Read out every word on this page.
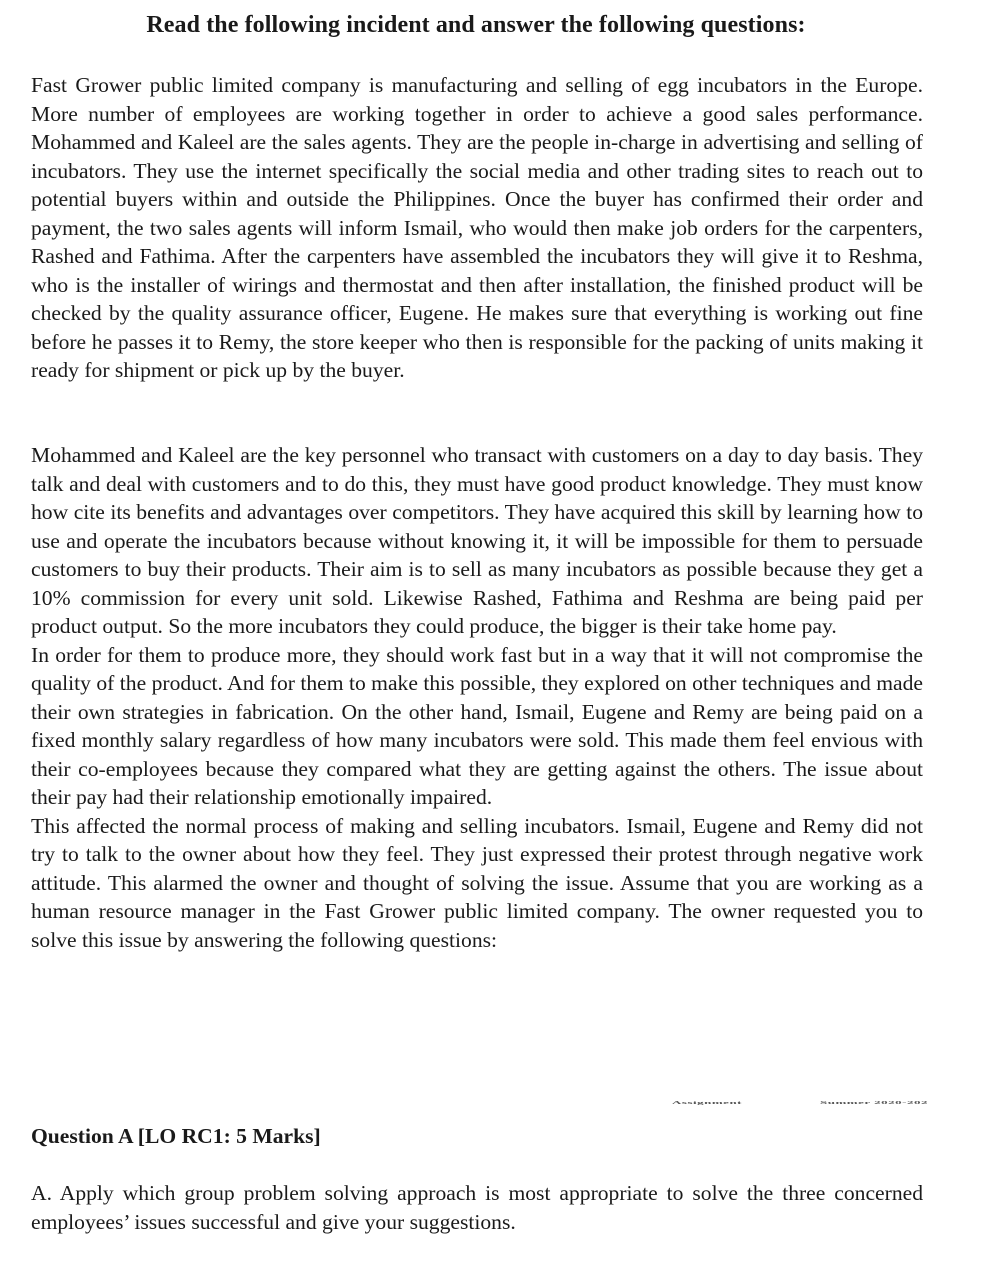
Read the following incident and answer the following questions:

Fast Grower public limited company is manufacturing and selling of egg incubators in the Europe. More number of employees are working together in order to achieve a good sales performance. Mohammed and Kaleel are the sales agents. They are the people in-charge in advertising and selling of incubators. They use the internet specifically the social media and other trading sites to reach out to potential buyers within and outside the Philippines. Once the buyer has confirmed their order and payment, the two sales agents will inform Ismail, who would then make job orders for the carpenters, Rashed and Fathima. After the carpenters have assembled the incubators they will give it to Reshma, who is the installer of wirings and thermostat and then after installation, the finished product will be checked by the quality assurance officer, Eugene. He makes sure that everything is working out fine before he passes it to Remy, the store keeper who then is responsible for the packing of units making it ready for shipment or pick up by the buyer.

Mohammed and Kaleel are the key personnel who transact with customers on a day to day basis. They talk and deal with customers and to do this, they must have good product knowledge. They must know how cite its benefits and advantages over competitors. They have acquired this skill by learning how to use and operate the incubators because without knowing it, it will be impossible for them to persuade customers to buy their products. Their aim is to sell as many incubators as possible because they get a 10% commission for every unit sold. Likewise Rashed, Fathima and Reshma are being paid per product output. So the more incubators they could produce, the bigger is their take home pay.
In order for them to produce more, they should work fast but in a way that it will not compromise the quality of the product. And for them to make this possible, they explored on other techniques and made their own strategies in fabrication. On the other hand, Ismail, Eugene and Remy are being paid on a fixed monthly salary regardless of how many incubators were sold. This made them feel envious with their co-employees because they compared what they are getting against the others. The issue about their pay had their relationship emotionally impaired.
This affected the normal process of making and selling incubators. Ismail, Eugene and Remy did not try to talk to the owner about how they feel. They just expressed their protest through negative work attitude. This alarmed the owner and thought of solving the issue. Assume that you are working as a human resource manager in the Fast Grower public limited company. The owner requested you to solve this issue by answering the following questions:
Assignment	Summer 2020-202
Question A [LO RC1: 5 Marks]

A. Apply which group problem solving approach is most appropriate to solve the three concerned employees’ issues successful and give your suggestions.
